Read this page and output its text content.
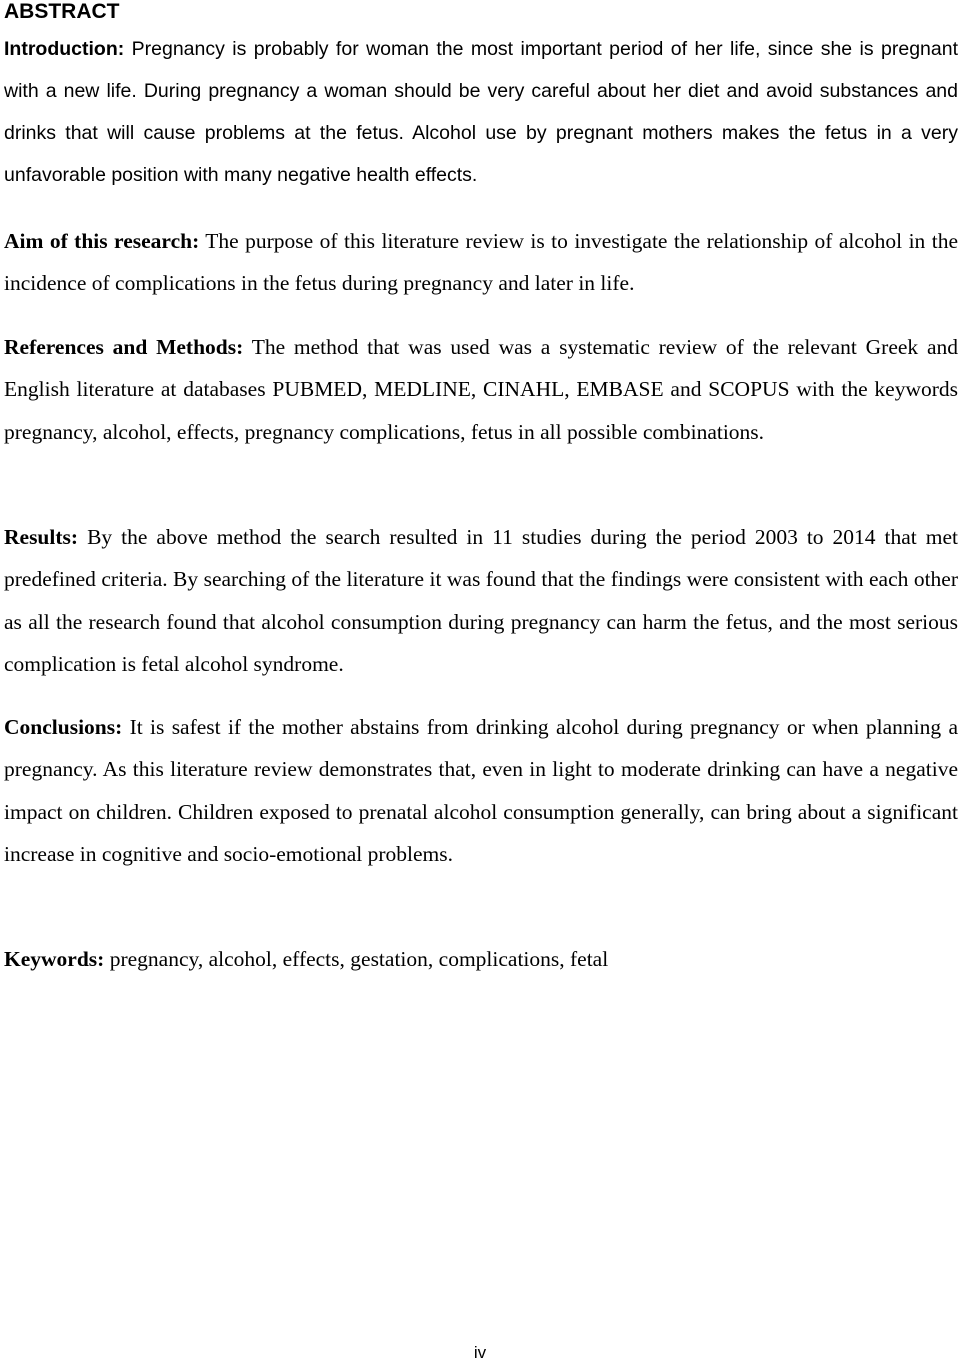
ABSTRACT

Introduction: Pregnancy is probably for woman the most important period of her life, since she is pregnant with a new life. During pregnancy a woman should be very careful about her diet and avoid substances and drinks that will cause problems at the fetus. Alcohol use by pregnant mothers makes the fetus in a very unfavorable position with many negative health effects.

Aim of this research: The purpose of this literature review is to investigate the relationship of alcohol in the incidence of complications in the fetus during pregnancy and later in life.

References and Methods: The method that was used was a systematic review of the relevant Greek and English literature at databases PUBMED, MEDLINE, CINAHL, EMBASE and SCOPUS with the keywords pregnancy, alcohol, effects, pregnancy complications, fetus in all possible combinations.

Results: By the above method the search resulted in 11 studies during the period 2003 to 2014 that met predefined criteria. By searching of the literature it was found that the findings were consistent with each other as all the research found that alcohol consumption during pregnancy can harm the fetus, and the most serious complication is fetal alcohol syndrome.

Conclusions: It is safest if the mother abstains from drinking alcohol during pregnancy or when planning a pregnancy. As this literature review demonstrates that, even in light to moderate drinking can have a negative impact on children. Children exposed to prenatal alcohol consumption generally, can bring about a significant increase in cognitive and socio-emotional problems.

Keywords: pregnancy, alcohol, effects, gestation, complications, fetal

iv
